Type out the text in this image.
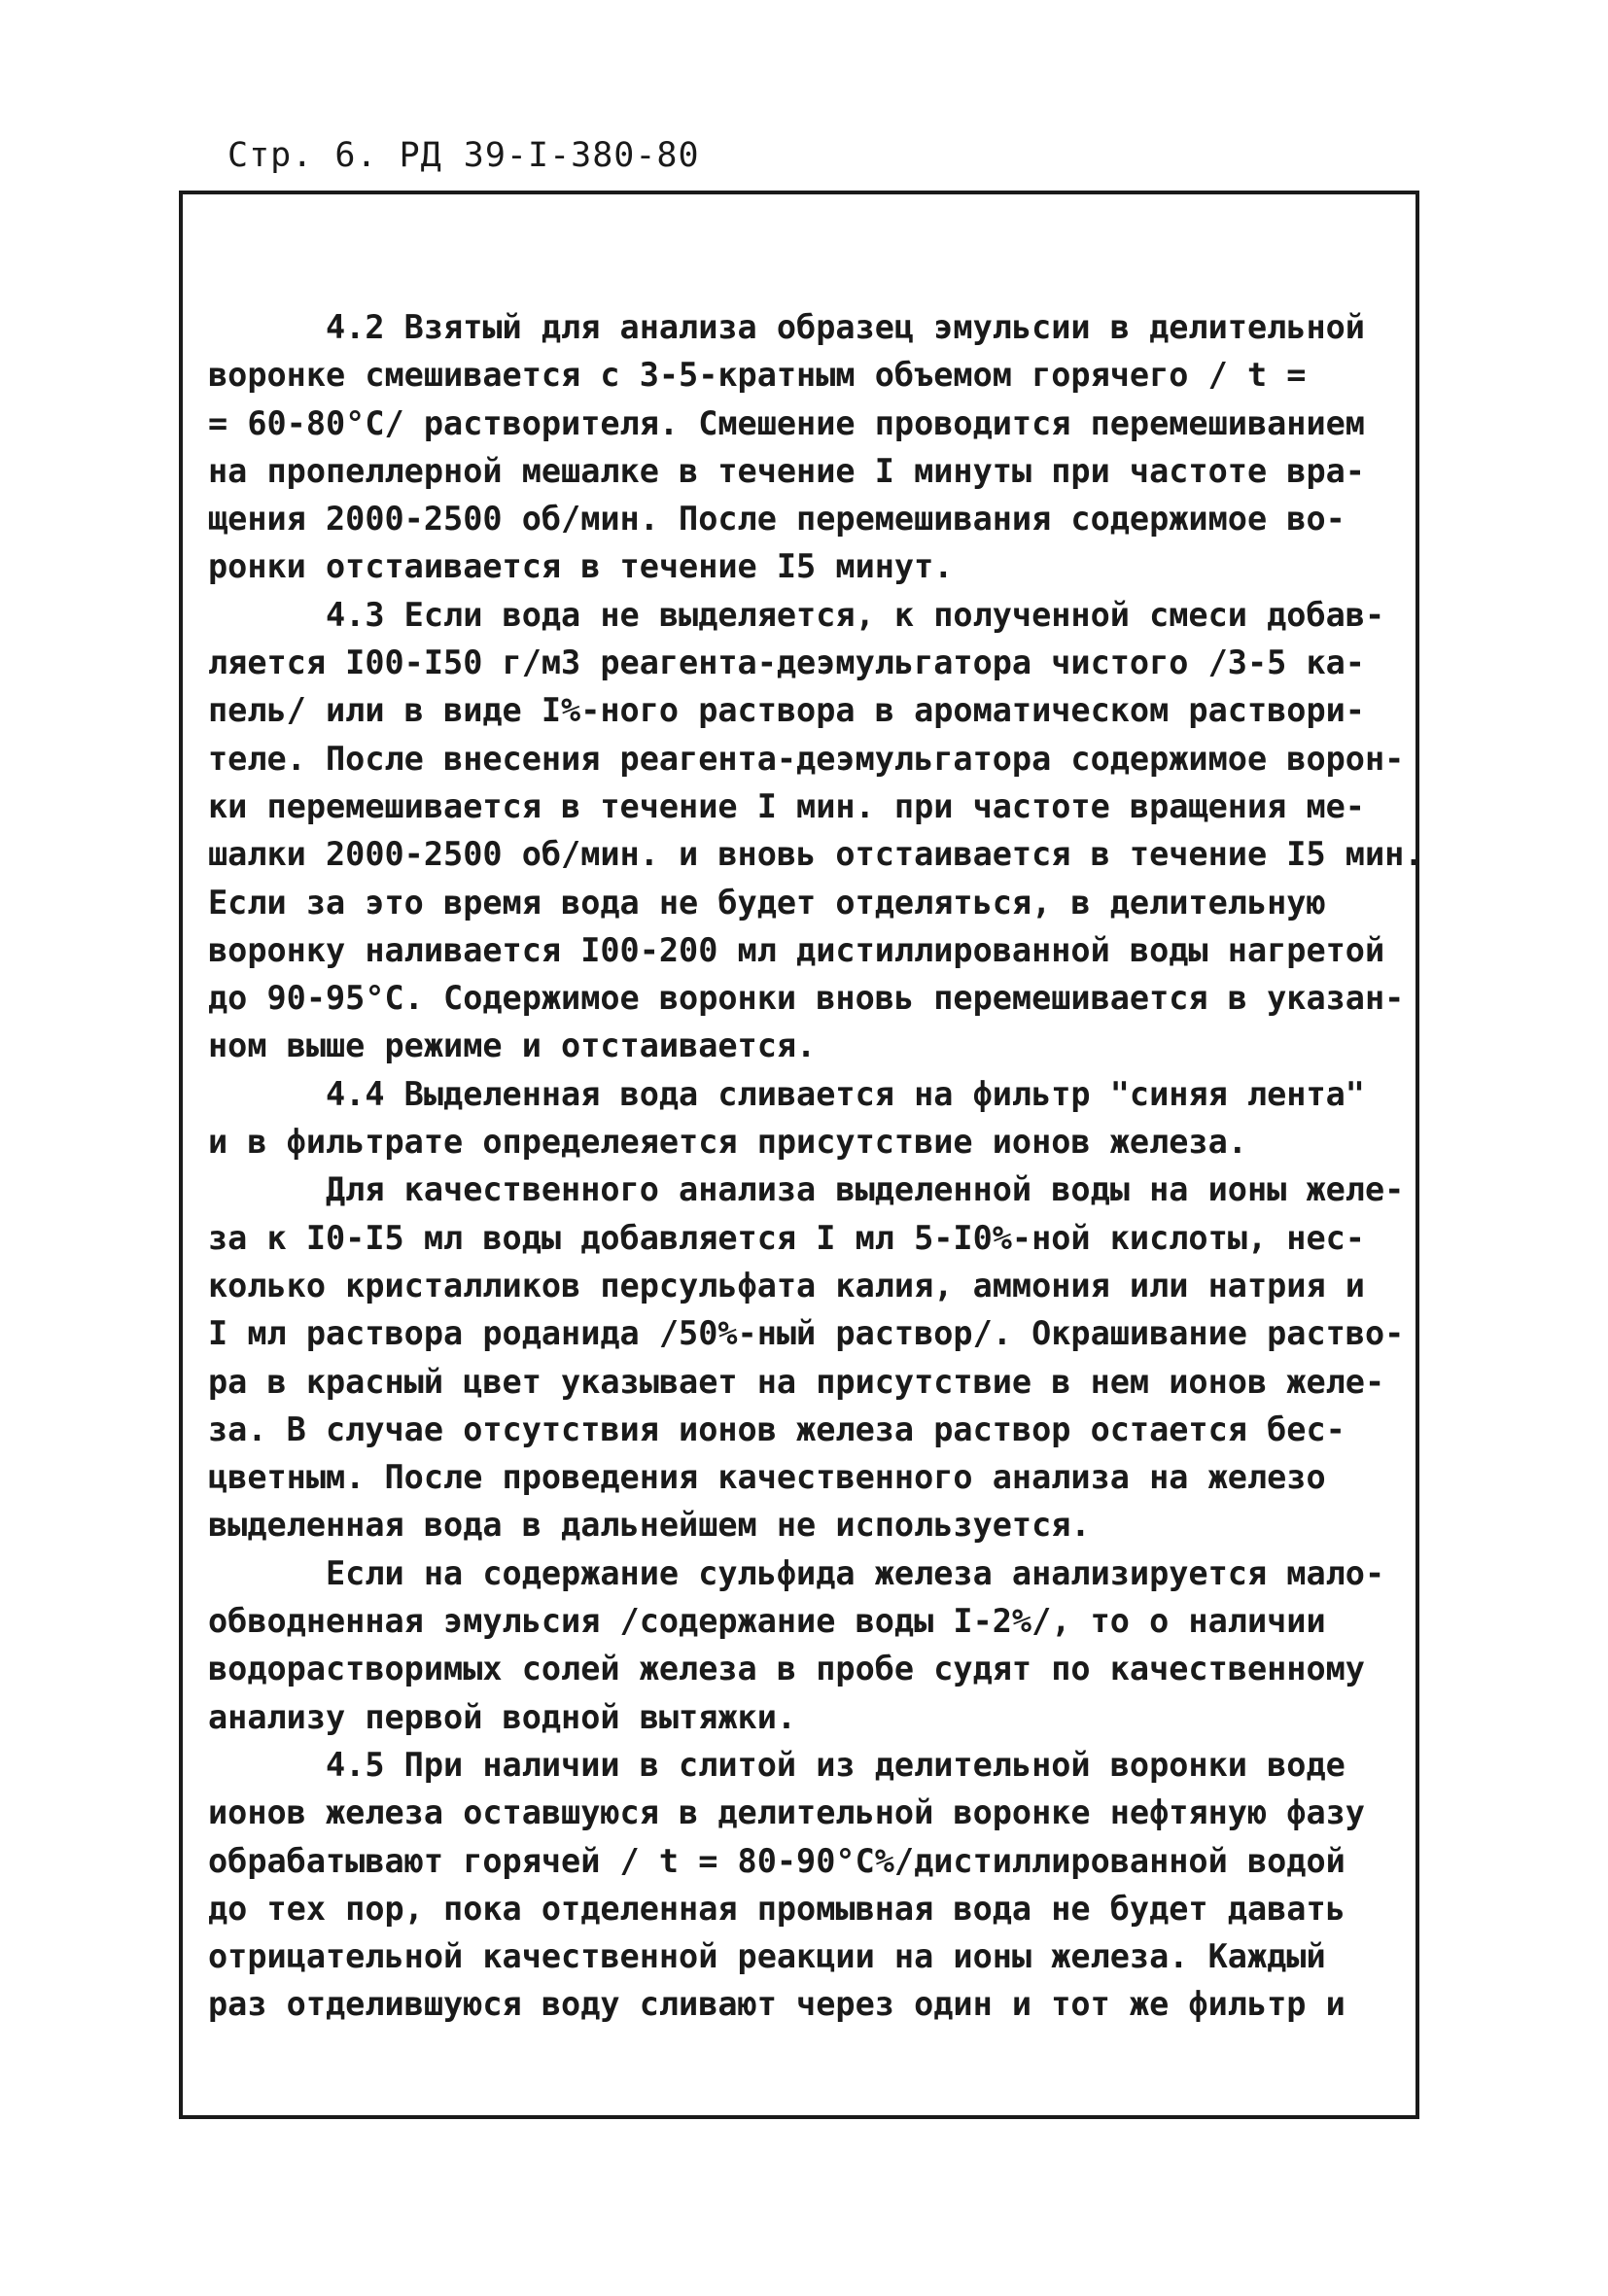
Стр. 6. РД 39-I-380-80
4.2 Взятый для анализа образец эмульсии в делительной
воронке смешивается с 3-5-кратным объемом горячего / t =
= 60-80°С/ растворителя. Смешение проводится перемешиванием
на пропеллерной мешалке в течение I минуты при частоте вра-
щения 2000-2500 об/мин. После перемешивания содержимое во-
ронки отстаивается в течение I5 минут.
4.3 Если вода не выделяется, к полученной смеси добав-
ляется I00-I50 г/м3 реагента-деэмульгатора чистого /3-5 ка-
пель/ или в виде I%-ного раствора в ароматическом раствори-
теле. После внесения реагента-деэмульгатора содержимое ворон-
ки перемешивается в течение I мин. при частоте вращения ме-
шалки 2000-2500 об/мин. и вновь отстаивается в течение I5 мин.
Если за это время вода не будет отделяться, в делительную
воронку наливается I00-200 мл дистиллированной воды нагретой
до 90-95°С. Содержимое воронки вновь перемешивается в указан-
ном выше режиме и отстаивается.
4.4 Выделенная вода сливается на фильтр "синяя лента"
и в фильтрате определеяется присутствие ионов железа.
Для качественного анализа выделенной воды на ионы желе-
за к I0-I5 мл воды добавляется I мл 5-I0%-ной кислоты, нес-
колько кристалликов персульфата калия, аммония или натрия и
I мл раствора роданида /50%-ный раствор/. Окрашивание раство-
ра в красный цвет указывает на присутствие в нем ионов желе-
за. В случае отсутствия ионов железа раствор остается бес-
цветным. После проведения качественного анализа на железо
выделенная вода в дальнейшем не используется.
Если на содержание сульфида железа анализируется мало-
обводненная эмульсия /содержание воды I-2%/, то о наличии
водорастворимых солей железа в пробе судят по качественному
анализу первой водной вытяжки.
4.5 При наличии в слитой из делительной воронки воде
ионов железа оставшуюся в делительной воронке нефтяную фазу
обрабатывают горячей / t = 80-90°С%/дистиллированной водой
до тех пор, пока отделенная промывная вода не будет давать
отрицательной качественной реакции на ионы железа. Каждый
раз отделившуюся воду сливают через один и тот же фильтр и
